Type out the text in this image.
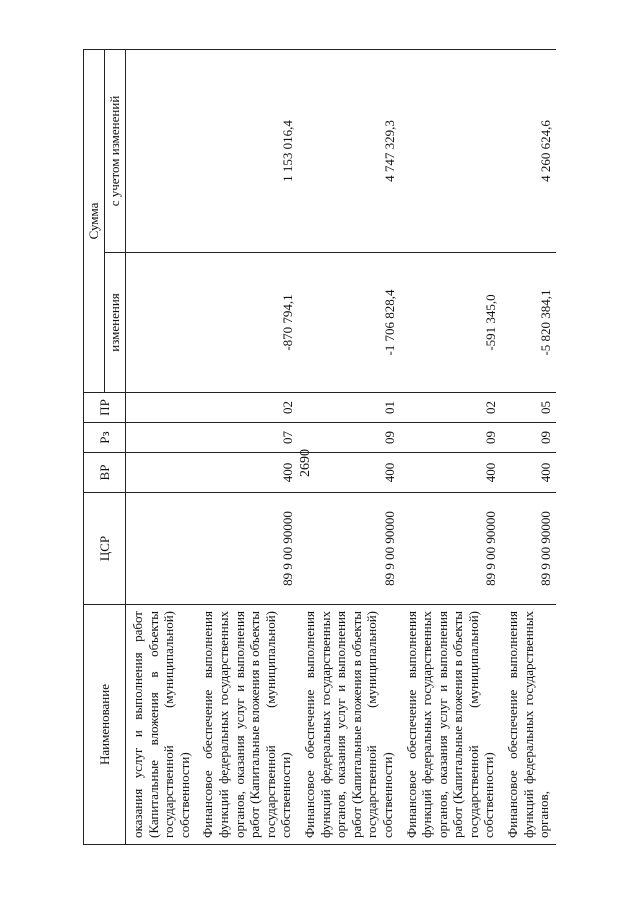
2690
Наименование	ЦСР	ВР	Рз	ПР	Сумма	
					изменения	с учетом изменений
оказания услуг и выполнения работ (Капитальные вложения в объекты государственной (муниципальной) собственности)						
Финансовое обеспечение выполнения функций федеральных государственных органов, оказания услуг и выполнения работ (Капитальные вложения в объекты государственной (муниципальной) собственности)	89 9 00 90000	400	07	02	-870 794,1	1 153 016,4
Финансовое обеспечение выполнения функций федеральных государственных органов, оказания услуг и выполнения работ (Капитальные вложения в объекты государственной (муниципальной) собственности)	89 9 00 90000	400	09	01	-1 706 828,4	4 747 329,3
Финансовое обеспечение выполнения функций федеральных государственных органов, оказания услуг и выполнения работ (Капитальные вложения в объекты государственной (муниципальной) собственности)	89 9 00 90000	400	09	02	-591 345,0	
Финансовое обеспечение выполнения функций федеральных государственных органов,	89 9 00 90000	400	09	05	-5 820 384,1	4 260 624,6
